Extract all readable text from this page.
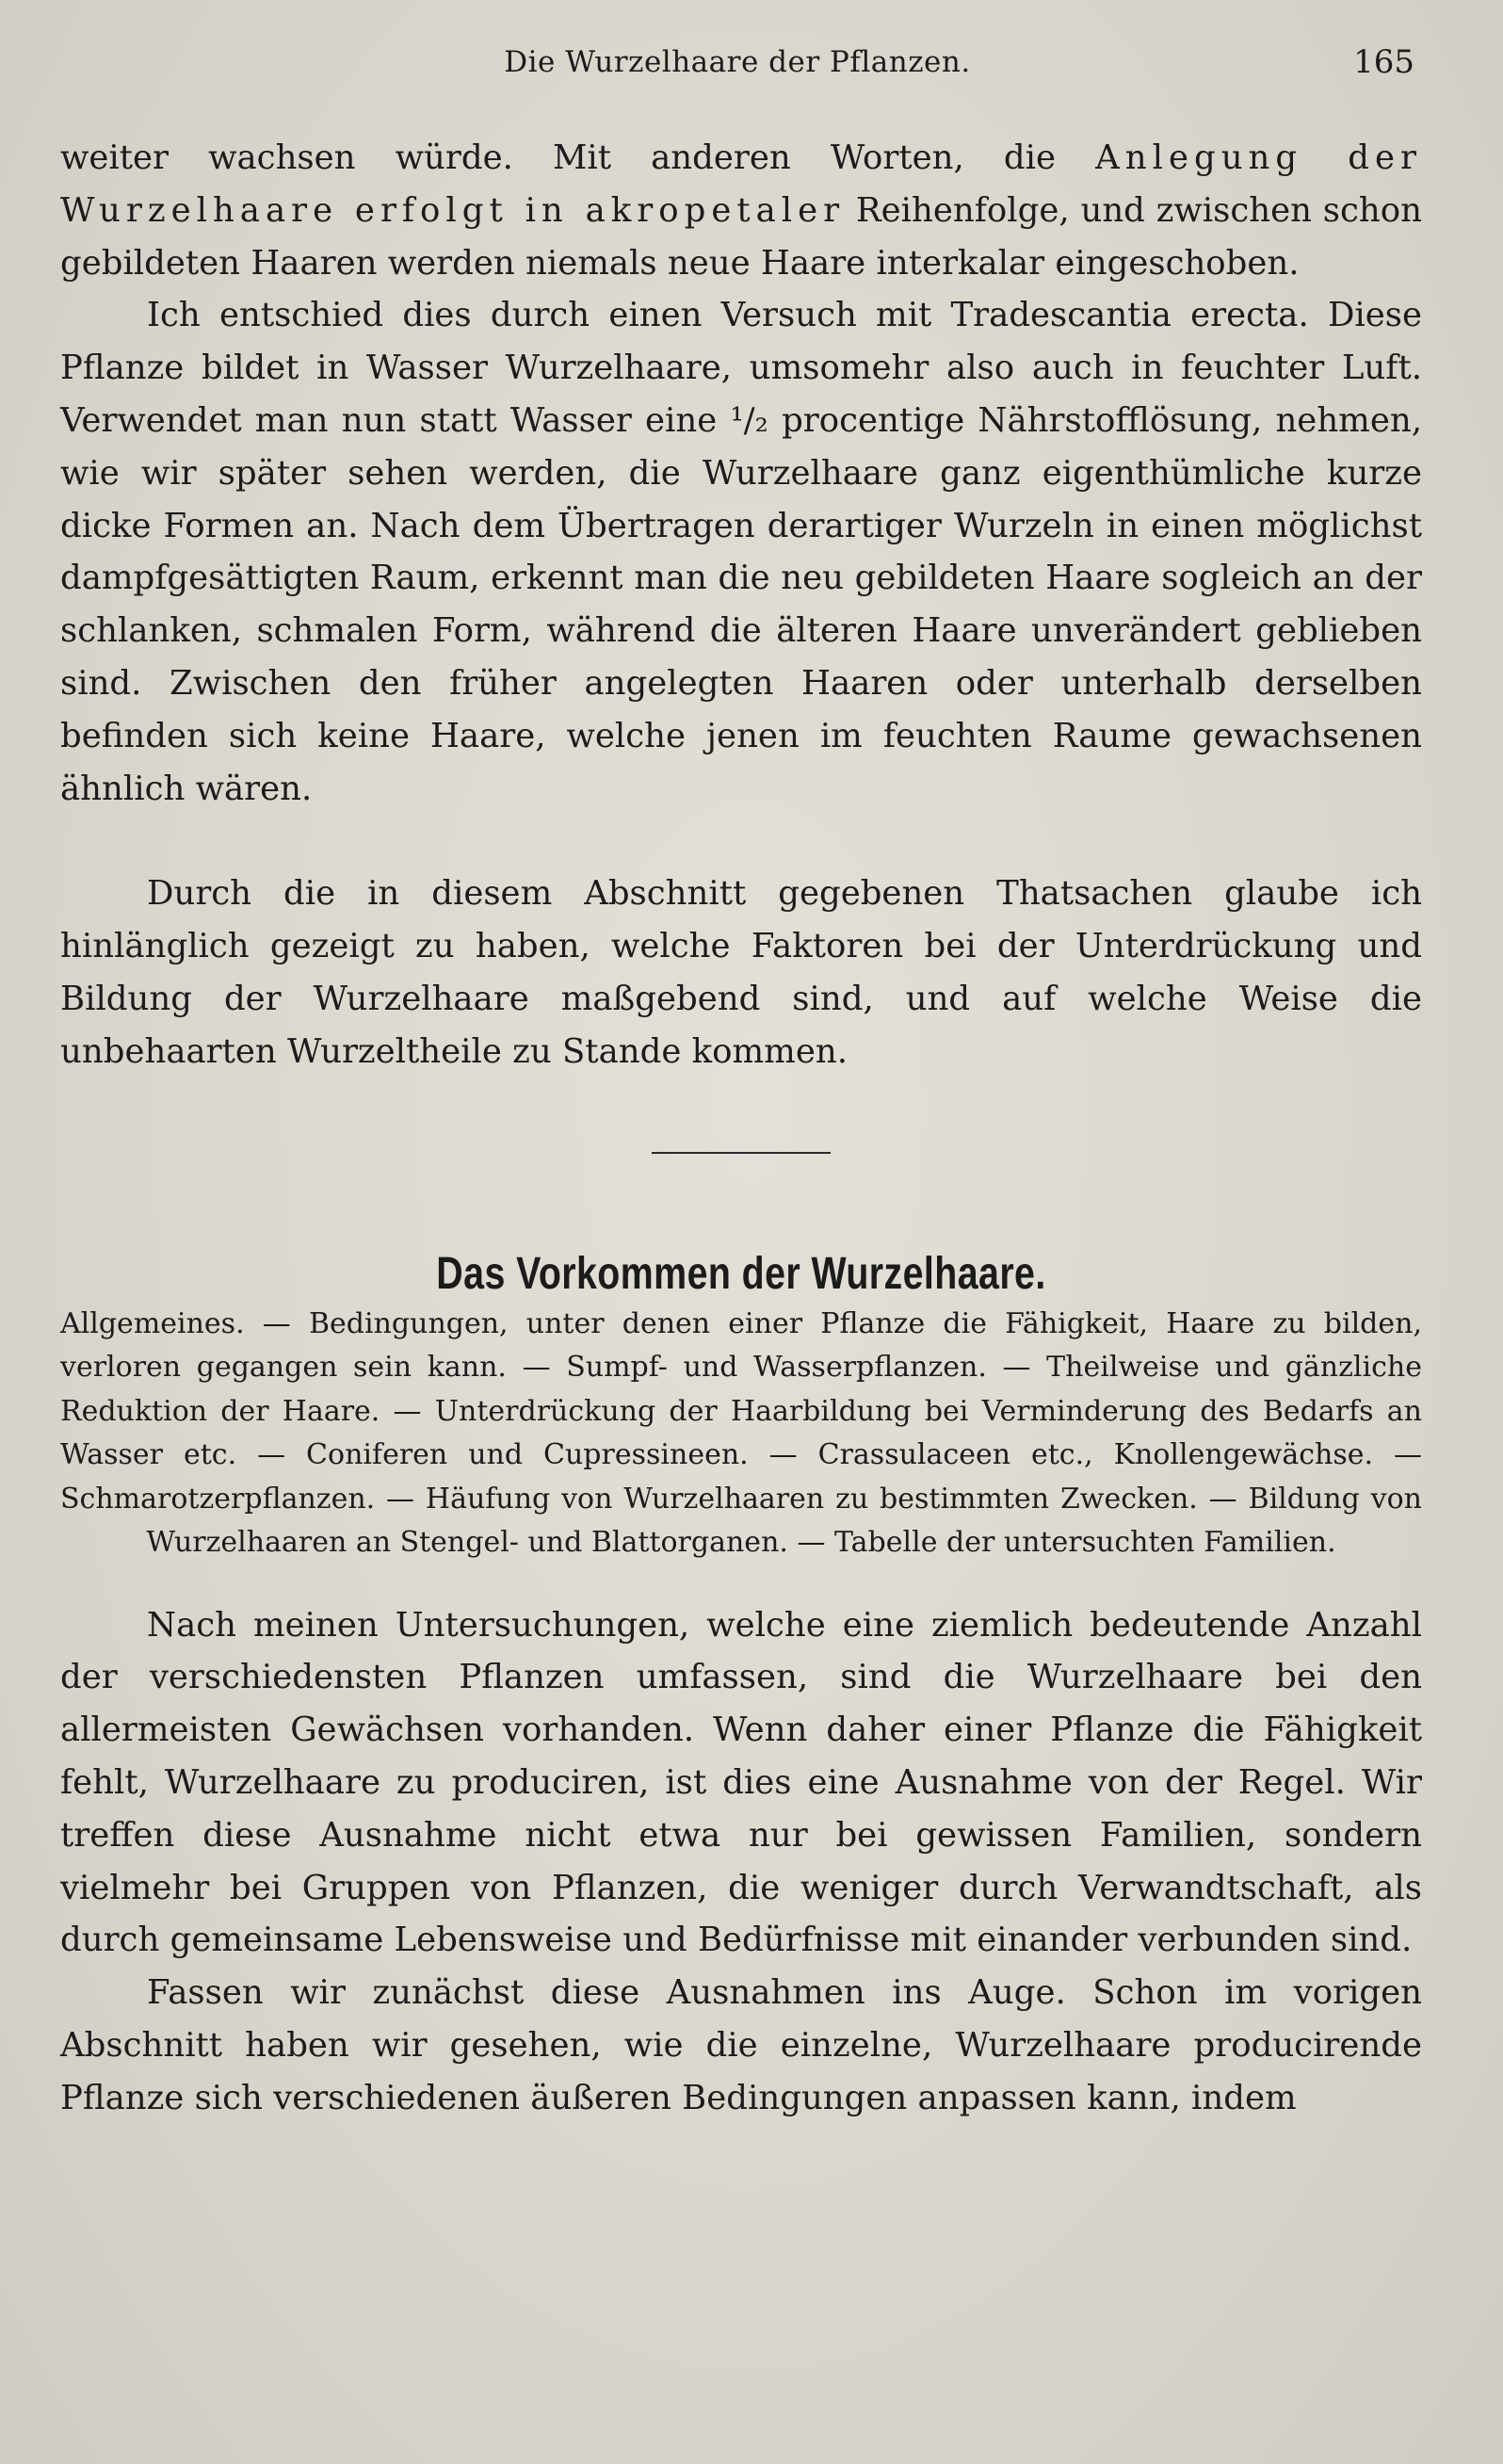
Die Wurzelhaare der Pflanzen.	165

weiter wachsen würde. Mit anderen Worten, die Anlegung der Wurzelhaare erfolgt in akropetaler Reihenfolge, und zwischen schon gebildeten Haaren werden niemals neue Haare interkalar eingeschoben.

Ich entschied dies durch einen Versuch mit Tradescantia erecta. Diese Pflanze bildet in Wasser Wurzelhaare, umsomehr also auch in feuchter Luft. Verwendet man nun statt Wasser eine ¹/₂ procentige Nährstofflösung, nehmen, wie wir später sehen werden, die Wurzelhaare ganz eigenthümliche kurze dicke Formen an. Nach dem Übertragen derartiger Wurzeln in einen möglichst dampfgesättigten Raum, erkennt man die neu gebildeten Haare sogleich an der schlanken, schmalen Form, während die älteren Haare unverändert geblieben sind. Zwischen den früher angelegten Haaren oder unterhalb derselben befinden sich keine Haare, welche jenen im feuchten Raume gewachsenen ähnlich wären.

Durch die in diesem Abschnitt gegebenen Thatsachen glaube ich hinlänglich gezeigt zu haben, welche Faktoren bei der Unterdrückung und Bildung der Wurzelhaare maßgebend sind, und auf welche Weise die unbehaarten Wurzeltheile zu Stande kommen.

Das Vorkommen der Wurzelhaare.

Allgemeines. — Bedingungen, unter denen einer Pflanze die Fähigkeit, Haare zu bilden, verloren gegangen sein kann. — Sumpf- und Wasserpflanzen. — Theilweise und gänzliche Reduktion der Haare. — Unterdrückung der Haarbildung bei Verminderung des Bedarfs an Wasser etc. — Coniferen und Cupressineen. — Crassulaceen etc., Knollengewächse. — Schmarotzerpflanzen. — Häufung von Wurzelhaaren zu bestimmten Zwecken. — Bildung von Wurzelhaaren an Stengel- und Blattorganen. — Tabelle der untersuchten Familien.

Nach meinen Untersuchungen, welche eine ziemlich bedeutende Anzahl der verschiedensten Pflanzen umfassen, sind die Wurzelhaare bei den allermeisten Gewächsen vorhanden. Wenn daher einer Pflanze die Fähigkeit fehlt, Wurzelhaare zu produciren, ist dies eine Ausnahme von der Regel. Wir treffen diese Ausnahme nicht etwa nur bei gewissen Familien, sondern vielmehr bei Gruppen von Pflanzen, die weniger durch Verwandtschaft, als durch gemeinsame Lebensweise und Bedürfnisse mit einander verbunden sind.

Fassen wir zunächst diese Ausnahmen ins Auge. Schon im vorigen Abschnitt haben wir gesehen, wie die einzelne, Wurzelhaare producirende Pflanze sich verschiedenen äußeren Bedingungen anpassen kann, indem
